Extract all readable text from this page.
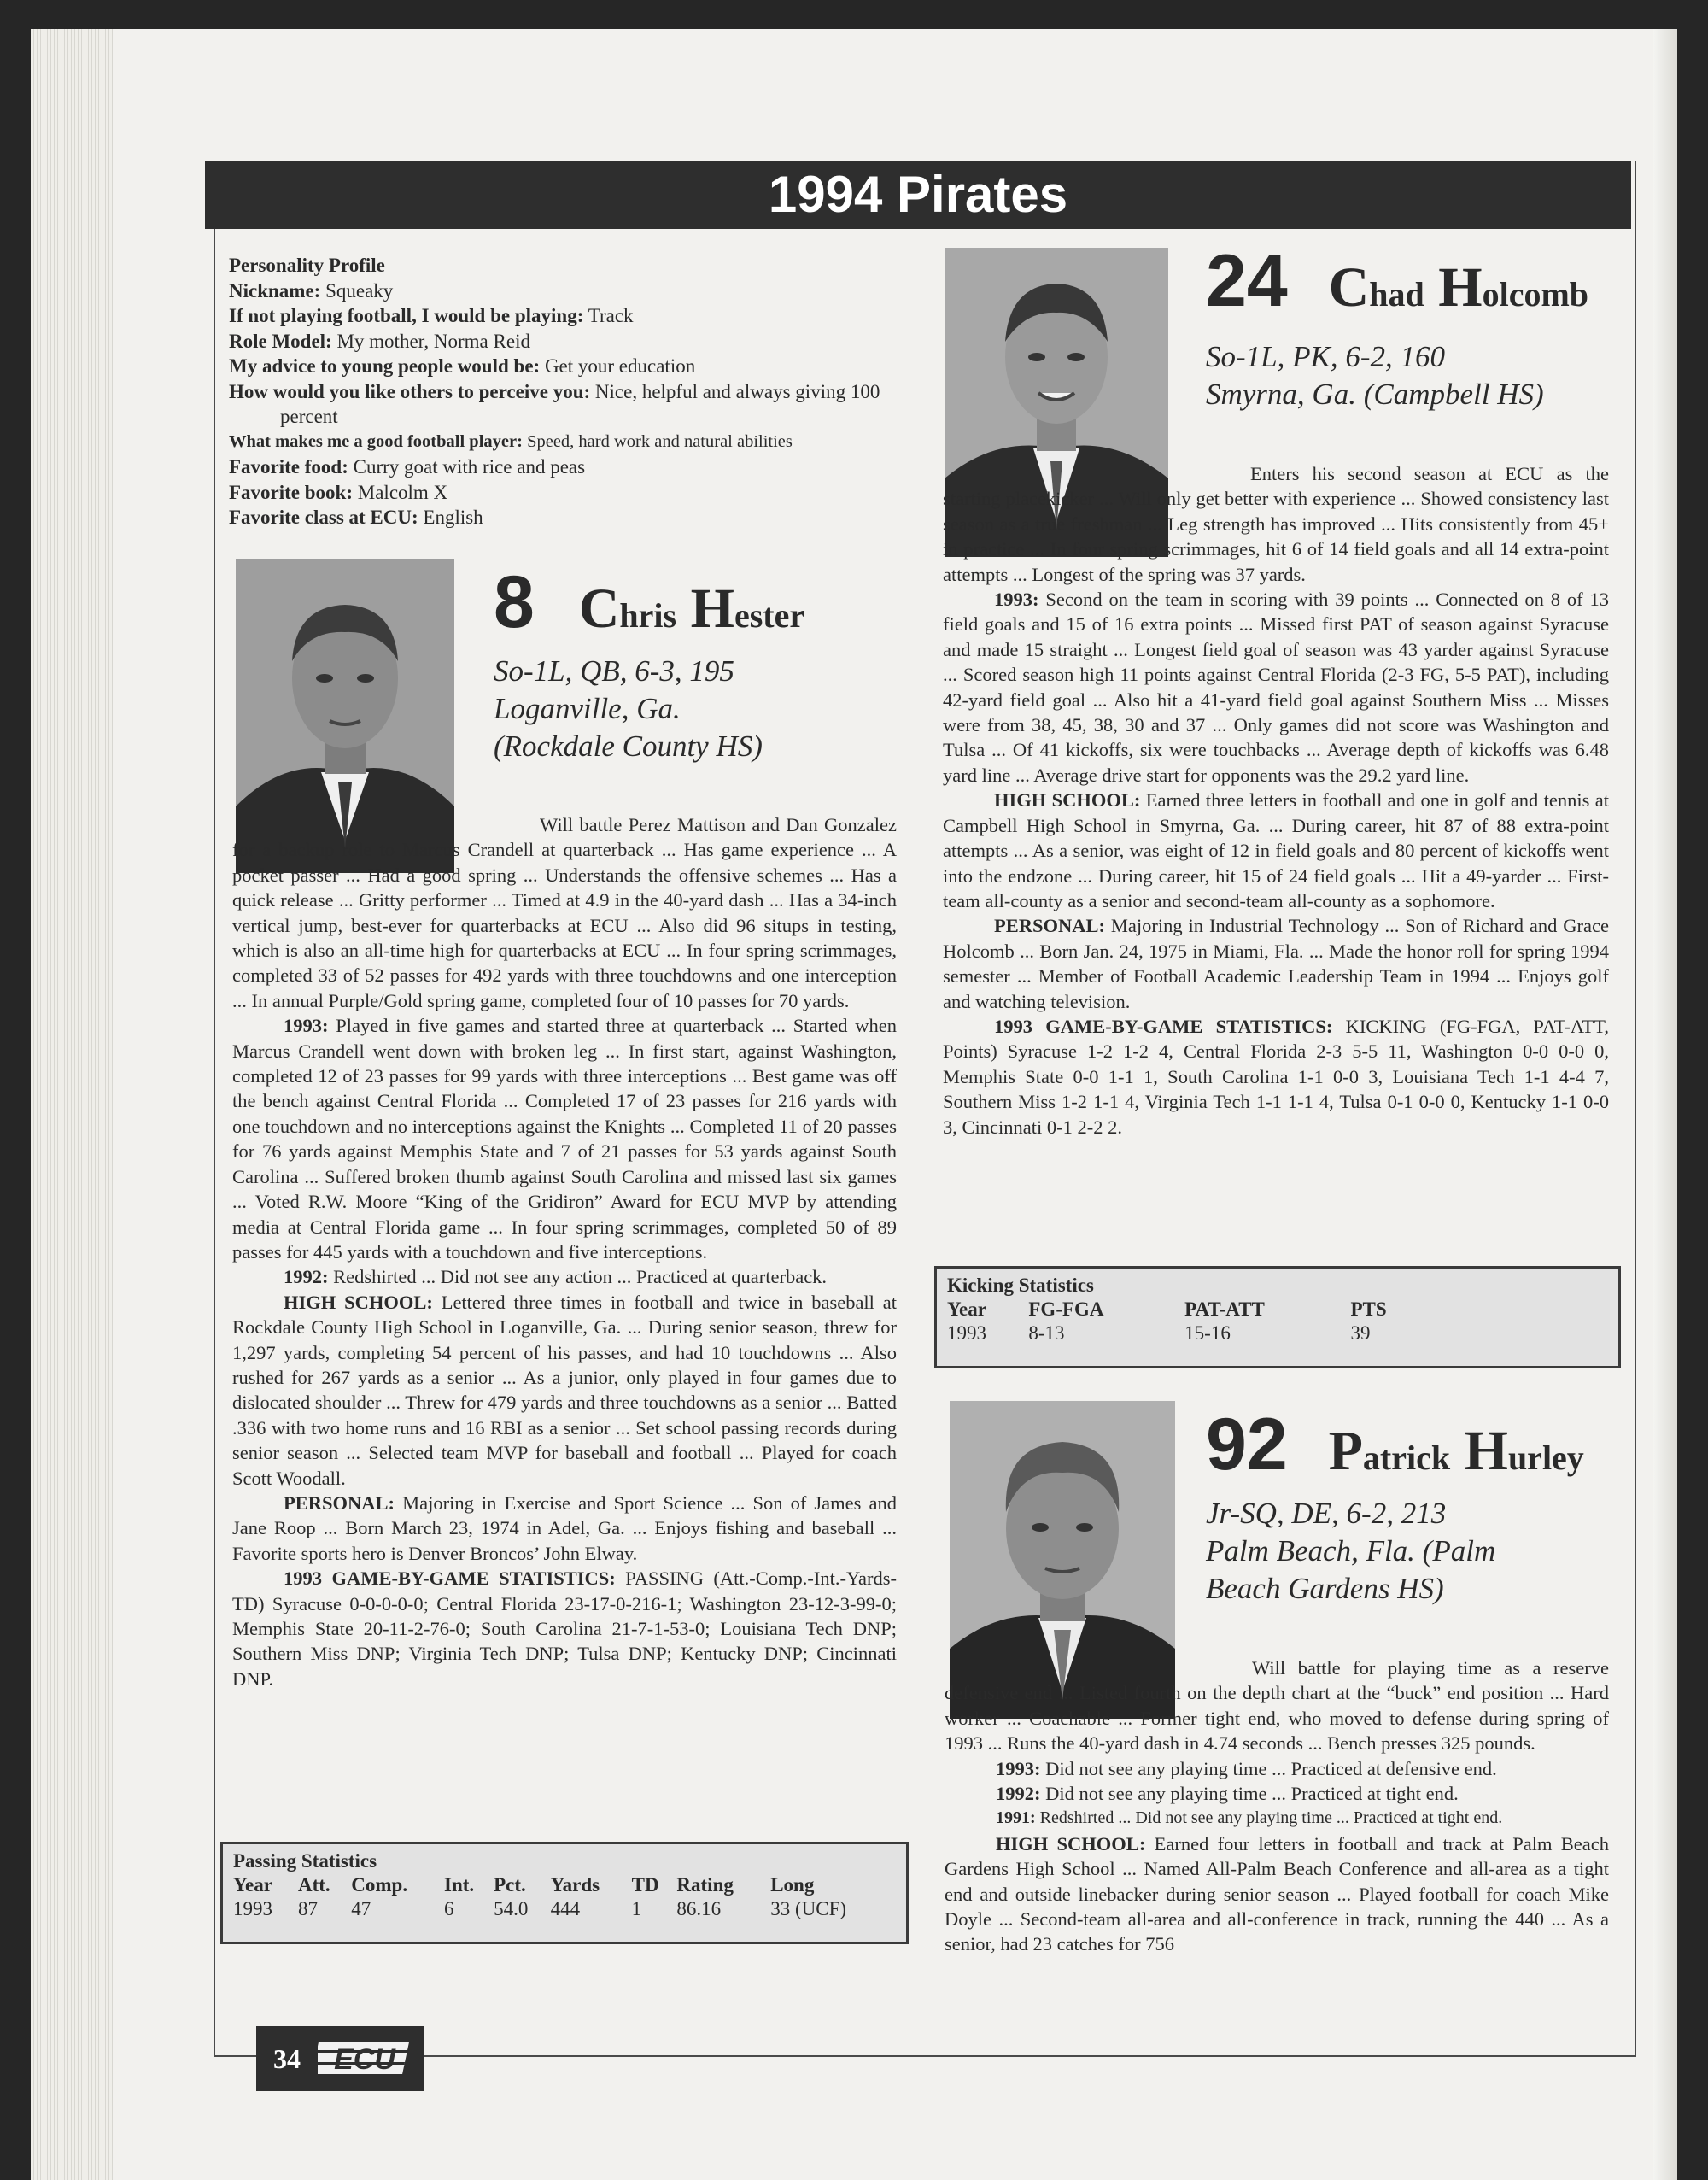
1994 Pirates

Personality Profile

Nickname: Squeaky

If not playing football, I would be playing: Track

Role Model: My mother, Norma Reid

My advice to young people would be: Get your education

How would you like others to perceive you: Nice, helpful and always giving 100 percent

What makes me a good football player: Speed, hard work and natural abilities

Favorite food: Curry goat with rice and peas

Favorite book: Malcolm X

Favorite class at ECU: English

8 Chris Hester
So-1L, QB, 6-3, 195
Loganville, Ga.
(Rockdale County HS)

Will battle Perez Mattison and Dan Gonzalez for a backup role to Marcus Crandell at quarterback ... Has game experience ... A pocket passer ... Had a good spring ... Understands the offensive schemes ... Has a quick release ... Gritty performer ... Timed at 4.9 in the 40-yard dash ... Has a 34-inch vertical jump, best-ever for quarterbacks at ECU ... Also did 96 situps in testing, which is also an all-time high for quarterbacks at ECU ... In four spring scrimmages, completed 33 of 52 passes for 492 yards with three touchdowns and one interception ... In annual Purple/Gold spring game, completed four of 10 passes for 70 yards.

1993: Played in five games and started three at quarterback ... Started when Marcus Crandell went down with broken leg ... In first start, against Washington, completed 12 of 23 passes for 99 yards with three interceptions ... Best game was off the bench against Central Florida ... Completed 17 of 23 passes for 216 yards with one touchdown and no interceptions against the Knights ... Completed 11 of 20 passes for 76 yards against Memphis State and 7 of 21 passes for 53 yards against South Carolina ... Suffered broken thumb against South Carolina and missed last six games ... Voted R.W. Moore “King of the Gridiron” Award for ECU MVP by attending media at Central Florida game ... In four spring scrimmages, completed 50 of 89 passes for 445 yards with a touchdown and five interceptions.

1992: Redshirted ... Did not see any action ... Practiced at quarterback.

HIGH SCHOOL: Lettered three times in football and twice in baseball at Rockdale County High School in Loganville, Ga. ... During senior season, threw for 1,297 yards, completing 54 percent of his passes, and had 10 touchdowns ... Also rushed for 267 yards as a senior ... As a junior, only played in four games due to dislocated shoulder ... Threw for 479 yards and three touchdowns as a senior ... Batted .336 with two home runs and 16 RBI as a senior ... Set school passing records during senior season ... Selected team MVP for baseball and football ... Played for coach Scott Woodall.

PERSONAL: Majoring in Exercise and Sport Science ... Son of James and Jane Roop ... Born March 23, 1974 in Adel, Ga. ... Enjoys fishing and baseball ... Favorite sports hero is Denver Broncos’ John Elway.

1993 GAME-BY-GAME STATISTICS: PASSING (Att.-Comp.-Int.-Yards-TD) Syracuse 0-0-0-0-0; Central Florida 23-17-0-216-1; Washington 23-12-3-99-0; Memphis State 20-11-2-76-0; South Carolina 21-7-1-53-0; Louisiana Tech DNP; Southern Miss DNP; Virginia Tech DNP; Tulsa DNP; Kentucky DNP; Cincinnati DNP.

Passing Statistics
Year	Att.	Comp.	Int.	Pct.	Yards	TD	Rating	Long
1993	87	47	6	54.0	444	1	86.16	33 (UCF)
24 Chad Holcomb
So-1L, PK, 6-2, 160
Smyrna, Ga. (Campbell HS)

Enters his second season at ECU as the starting placekicker ... Will only get better with experience ... Showed consistency last season as a true freshman ... Leg strength has improved ... Hits consistently from 45+ in practice ... In four spring scrimmages, hit 6 of 14 field goals and all 14 extra-point attempts ... Longest of the spring was 37 yards.

1993: Second on the team in scoring with 39 points ... Connected on 8 of 13 field goals and 15 of 16 extra points ... Missed first PAT of season against Syracuse and made 15 straight ... Longest field goal of season was 43 yarder against Syracuse ... Scored season high 11 points against Central Florida (2-3 FG, 5-5 PAT), including 42-yard field goal ... Also hit a 41-yard field goal against Southern Miss ... Misses were from 38, 45, 38, 30 and 37 ... Only games did not score was Washington and Tulsa ... Of 41 kickoffs, six were touchbacks ... Average depth of kickoffs was 6.48 yard line ... Average drive start for opponents was the 29.2 yard line.

HIGH SCHOOL: Earned three letters in football and one in golf and tennis at Campbell High School in Smyrna, Ga. ... During career, hit 87 of 88 extra-point attempts ... As a senior, was eight of 12 in field goals and 80 percent of kickoffs went into the endzone ... During career, hit 15 of 24 field goals ... Hit a 49-yarder ... First-team all-county as a senior and second-team all-county as a sophomore.

PERSONAL: Majoring in Industrial Technology ... Son of Richard and Grace Holcomb ... Born Jan. 24, 1975 in Miami, Fla. ... Made the honor roll for spring 1994 semester ... Member of Football Academic Leadership Team in 1994 ... Enjoys golf and watching television.

1993 GAME-BY-GAME STATISTICS: KICKING (FG-FGA, PAT-ATT, Points) Syracuse 1-2 1-2 4, Central Florida 2-3 5-5 11, Washington 0-0 0-0 0, Memphis State 0-0 1-1 1, South Carolina 1-1 0-0 3, Louisiana Tech 1-1 4-4 7, Southern Miss 1-2 1-1 4, Virginia Tech 1-1 1-1 4, Tulsa 0-1 0-0 0, Kentucky 1-1 0-0 3, Cincinnati 0-1 2-2 2.

Kicking Statistics
Year	FG-FGA	PAT-ATT	PTS
1993	8-13	15-16	39
92 Patrick Hurley
Jr-SQ, DE, 6-2, 213
Palm Beach, Fla. (Palm
Beach Gardens HS)

Will battle for playing time as a reserve defensive end ... Listed fourth on the depth chart at the “buck” end position ... Hard worker ... Coachable ... Former tight end, who moved to defense during spring of 1993 ... Runs the 40-yard dash in 4.74 seconds ... Bench presses 325 pounds.

1993: Did not see any playing time ... Practiced at defensive end.

1992: Did not see any playing time ... Practiced at tight end.

1991: Redshirted ... Did not see any playing time ... Practiced at tight end.

HIGH SCHOOL: Earned four letters in football and track at Palm Beach Gardens High School ... Named All-Palm Beach Conference and all-area as a tight end and outside linebacker during senior season ... Played football for coach Mike Doyle ... Second-team all-area and all-conference in track, running the 440 ... As a senior, had 23 catches for 756

34 ECU
